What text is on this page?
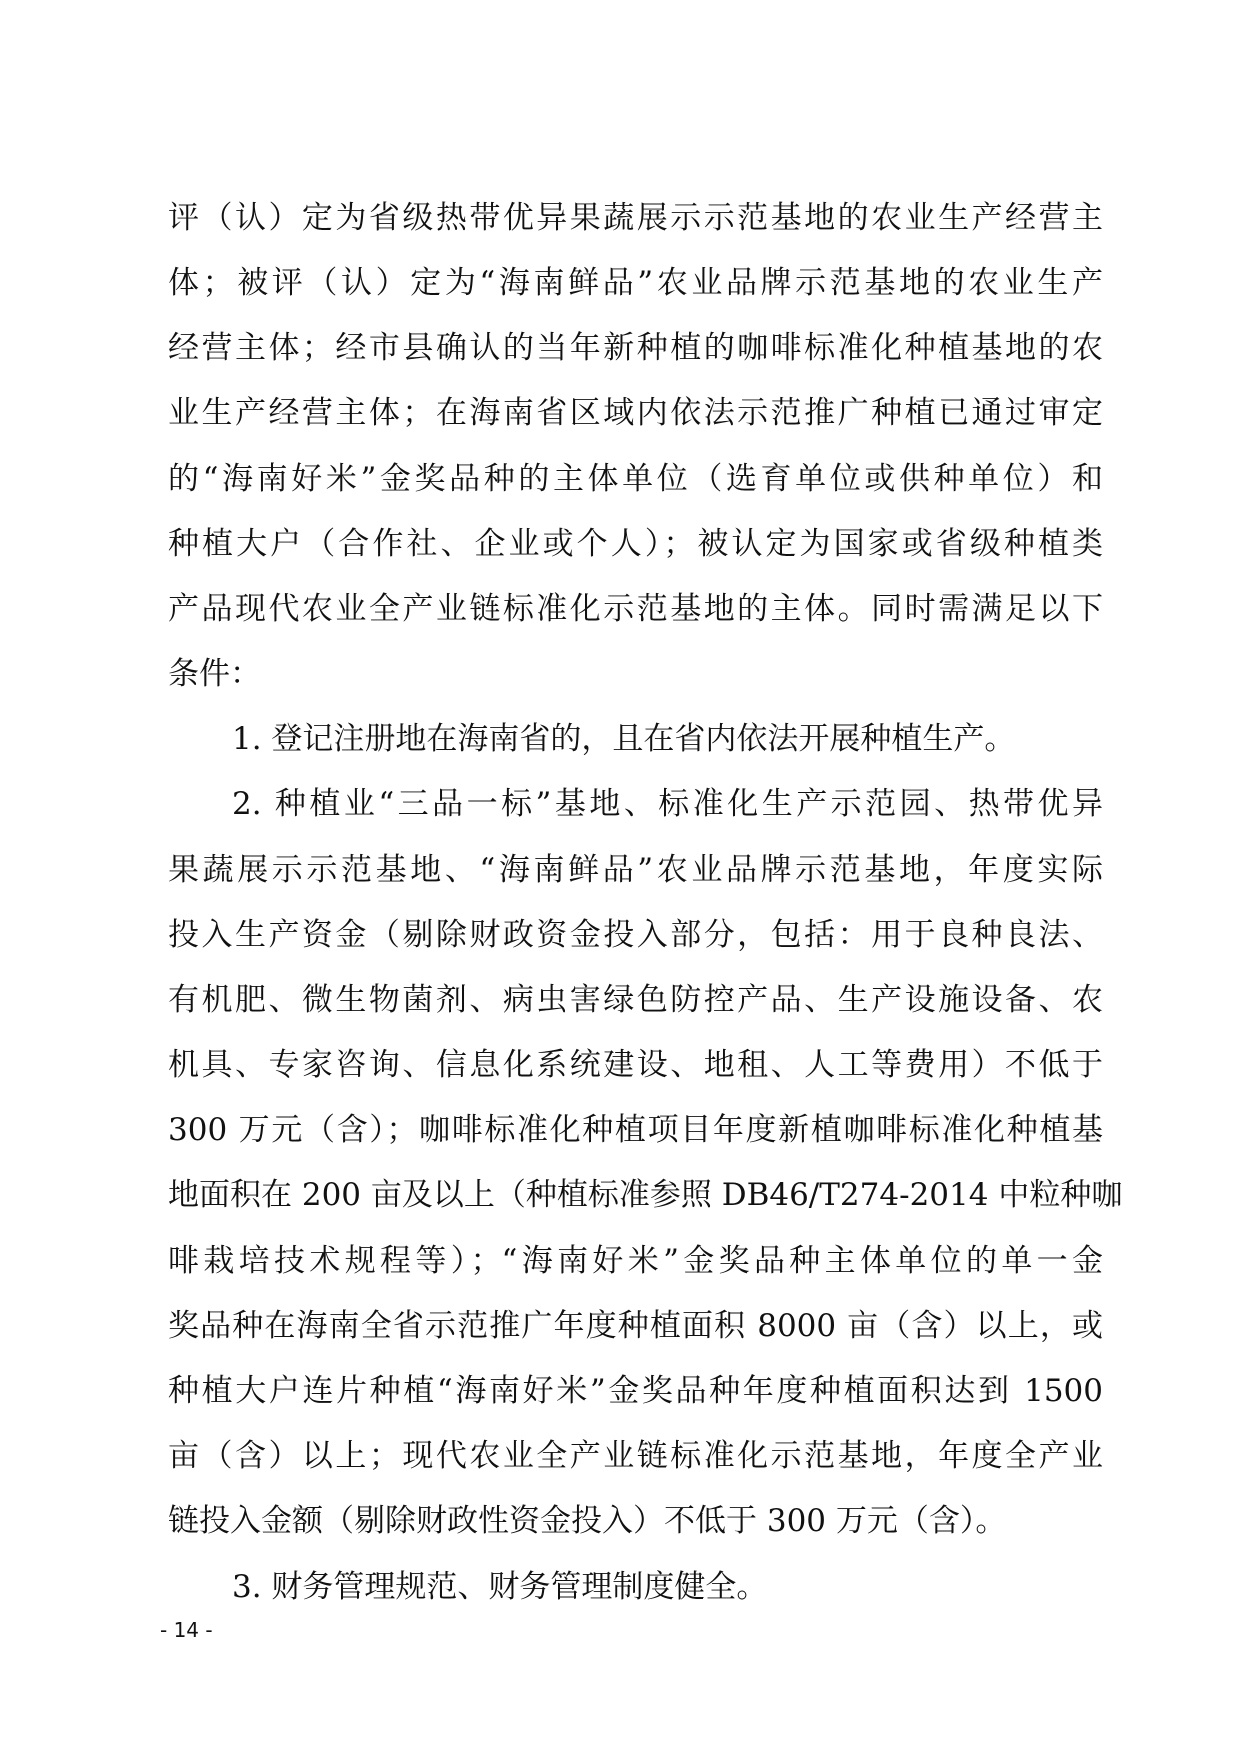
评（认）定为省级热带优异果蔬展示示范基地的农业生产经营主
体；被评（认）定为“海南鲜品”农业品牌示范基地的农业生产
经营主体；经市县确认的当年新种植的咖啡标准化种植基地的农
业生产经营主体；在海南省区域内依法示范推广种植已通过审定
的“海南好米”金奖品种的主体单位（选育单位或供种单位）和
种植大户（合作社、企业或个人）；被认定为国家或省级种植类
产品现代农业全产业链标准化示范基地的主体。同时需满足以下
条件：
1. 登记注册地在海南省的，且在省内依法开展种植生产。
2. 种植业“三品一标”基地、标准化生产示范园、热带优异
果蔬展示示范基地、“海南鲜品”农业品牌示范基地，年度实际
投入生产资金（剔除财政资金投入部分，包括：用于良种良法、
有机肥、微生物菌剂、病虫害绿色防控产品、生产设施设备、农
机具、专家咨询、信息化系统建设、地租、人工等费用）不低于
300 万元（含）；咖啡标准化种植项目年度新植咖啡标准化种植基
地面积在 200 亩及以上（种植标准参照 DB46/T274-2014 中粒种咖
啡栽培技术规程等）；“海南好米”金奖品种主体单位的单一金
奖品种在海南全省示范推广年度种植面积 8000 亩（含）以上，或
种植大户连片种植“海南好米”金奖品种年度种植面积达到 1500
亩（含）以上；现代农业全产业链标准化示范基地，年度全产业
链投入金额（剔除财政性资金投入）不低于 300 万元（含）。
3. 财务管理规范、财务管理制度健全。
- 14 -
